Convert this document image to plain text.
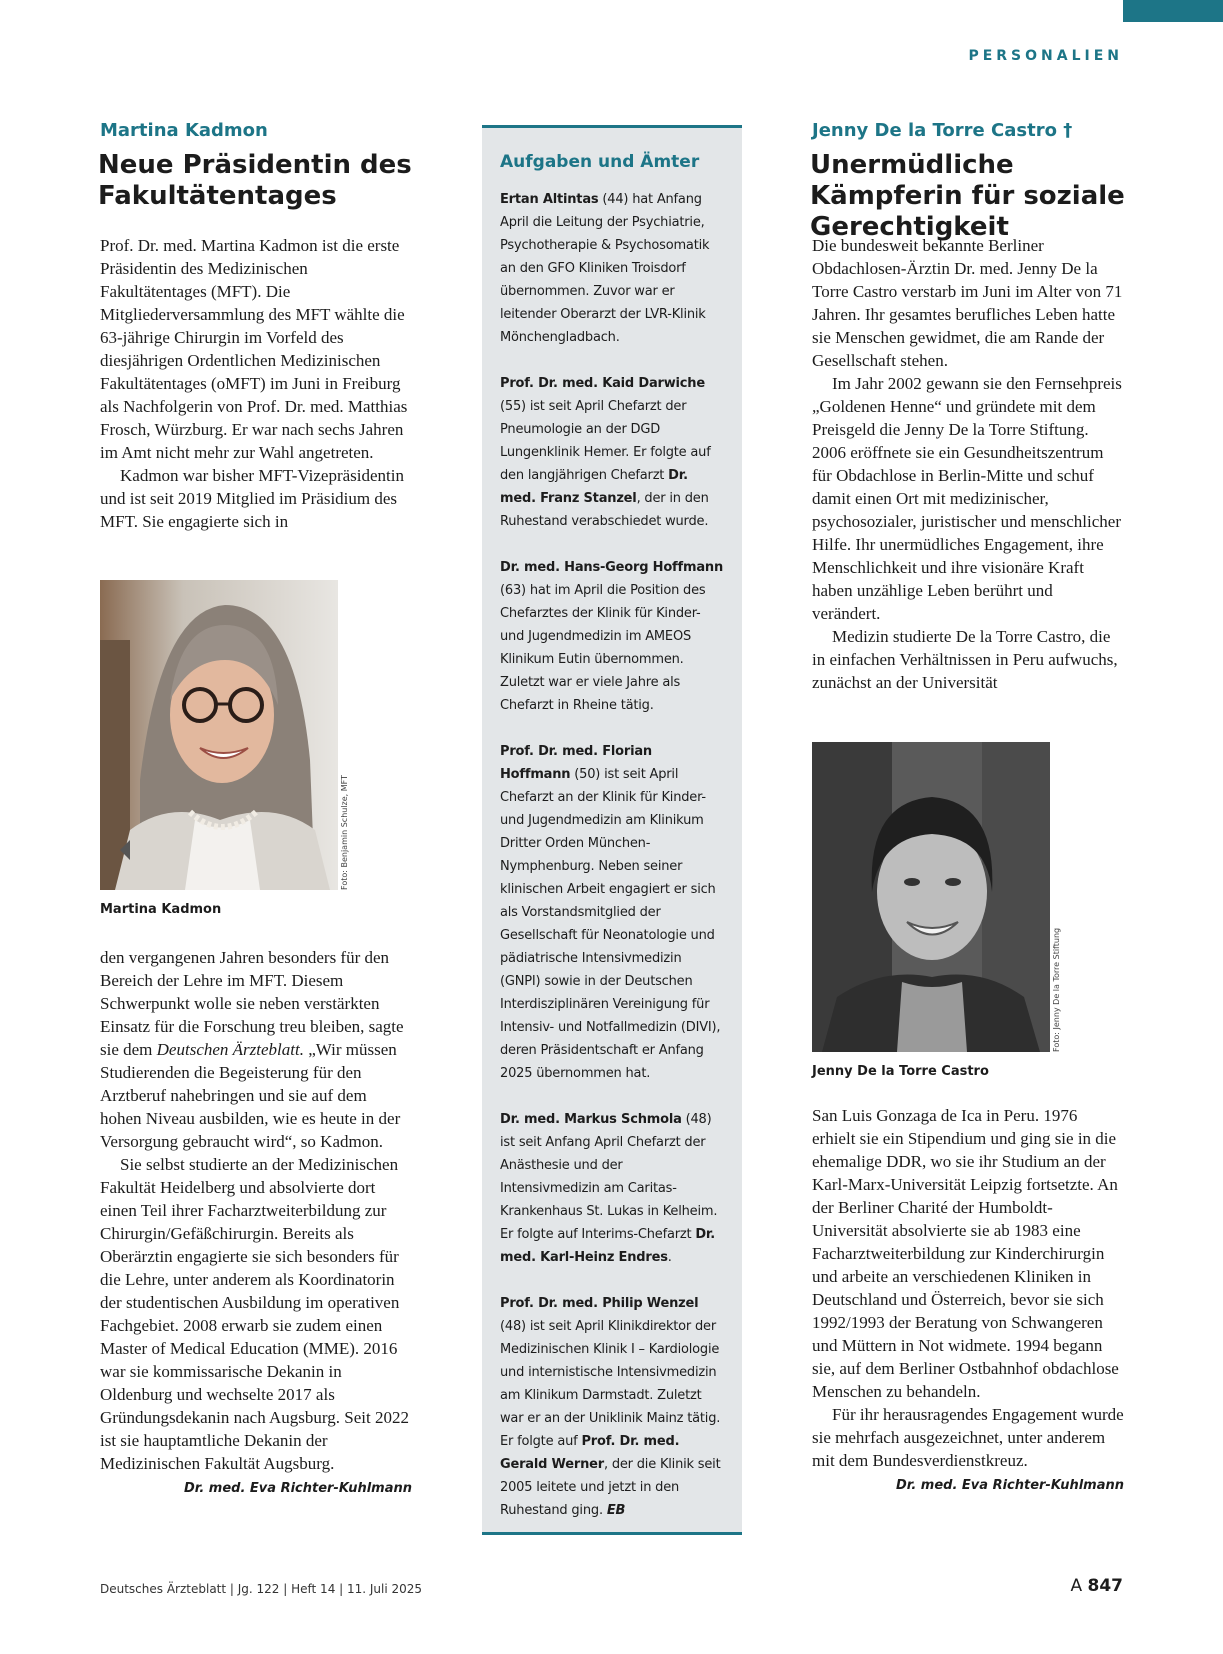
PERSONALIEN
Martina Kadmon
Neue Präsidentin des Fakultätentages

Prof. Dr. med. Martina Kadmon ist die erste Präsidentin des Medizinischen Fakultätentages (MFT). Die Mitgliederversammlung des MFT wählte die 63-jährige Chirurgin im Vorfeld des diesjährigen Ordentlichen Medizinischen Fakultätentages (oMFT) im Juni in Freiburg als Nachfolgerin von Prof. Dr. med. Matthias Frosch, Würzburg. Er war nach sechs Jahren im Amt nicht mehr zur Wahl angetreten.

Kadmon war bisher MFT-Vizepräsidentin und ist seit 2019 Mitglied im Präsidium des MFT. Sie engagierte sich in

Foto: Benjamin Schulze, MFT
Martina Kadmon

den vergangenen Jahren besonders für den Bereich der Lehre im MFT. Diesem Schwerpunkt wolle sie neben verstärkten Einsatz für die Forschung treu bleiben, sagte sie dem Deutschen Ärzteblatt. „Wir müssen Studierenden die Begeisterung für den Arztberuf nahebringen und sie auf dem hohen Niveau ausbilden, wie es heute in der Versorgung gebraucht wird“, so Kadmon.

Sie selbst studierte an der Medizinischen Fakultät Heidelberg und absolvierte dort einen Teil ihrer Facharztweiterbildung zur Chirurgin/Gefäßchirurgin. Bereits als Oberärztin engagierte sie sich besonders für die Lehre, unter anderem als Koordinatorin der studentischen Ausbildung im operativen Fachgebiet. 2008 erwarb sie zudem einen Master of Medical Education (MME). 2016 war sie kommissarische Dekanin in Oldenburg und wechselte 2017 als Gründungsdekanin nach Augsburg. Seit 2022 ist sie hauptamtliche Dekanin der Medizinischen Fakultät Augsburg.
Dr. med. Eva Richter-Kuhlmann

Aufgaben und Ämter

Ertan Altintas (44) hat Anfang April die Leitung der Psychiatrie, Psychotherapie & Psychosomatik an den GFO Kliniken Troisdorf übernommen. Zuvor war er leitender Oberarzt der LVR-Klinik Mönchengladbach.

Prof. Dr. med. Kaid Darwiche (55) ist seit April Chefarzt der Pneumologie an der DGD Lungenklinik Hemer. Er folgte auf den langjährigen Chefarzt Dr. med. Franz Stanzel, der in den Ruhestand verabschiedet wurde.

Dr. med. Hans-Georg Hoffmann (63) hat im April die Position des Chefarztes der Klinik für Kinder- und Jugendmedizin im AMEOS Klinikum Eutin übernommen. Zuletzt war er viele Jahre als Chefarzt in Rheine tätig.

Prof. Dr. med. Florian Hoffmann (50) ist seit April Chefarzt an der Klinik für Kinder- und Jugendmedizin am Klinikum Dritter Orden München-Nymphenburg. Neben seiner klinischen Arbeit engagiert er sich als Vorstandsmitglied der Gesellschaft für Neonatologie und pädiatrische Intensivmedizin (GNPI) sowie in der Deutschen Interdisziplinären Vereinigung für Intensiv- und Notfallmedizin (DIVI), deren Präsidentschaft er Anfang 2025 übernommen hat.

Dr. med. Markus Schmola (48) ist seit Anfang April Chefarzt der Anästhesie und der Intensivmedizin am Caritas-Krankenhaus St. Lukas in Kelheim. Er folgte auf Interims-Chefarzt Dr. med. Karl-Heinz Endres.

Prof. Dr. med. Philip Wenzel (48) ist seit April Klinikdirektor der Medizinischen Klinik I – Kardiologie und internistische Intensivmedizin am Klinikum Darmstadt. Zuletzt war er an der Uniklinik Mainz tätig. Er folgte auf Prof. Dr. med. Gerald Werner, der die Klinik seit 2005 leitete und jetzt in den Ruhestand ging. EB

Jenny De la Torre Castro †
Unermüdliche Kämpferin für soziale Gerechtigkeit

Die bundesweit bekannte Berliner Obdachlosen-Ärztin Dr. med. Jenny De la Torre Castro verstarb im Juni im Alter von 71 Jahren. Ihr gesamtes berufliches Leben hatte sie Menschen gewidmet, die am Rande der Gesellschaft stehen.

Im Jahr 2002 gewann sie den Fernsehpreis „Goldenen Henne“ und gründete mit dem Preisgeld die Jenny De la Torre Stiftung. 2006 eröffnete sie ein Gesundheitszentrum für Obdachlose in Berlin-Mitte und schuf damit einen Ort mit medizinischer, psychosozialer, juristischer und menschlicher Hilfe. Ihr unermüdliches Engagement, ihre Menschlichkeit und ihre visionäre Kraft haben unzählige Leben berührt und verändert.

Medizin studierte De la Torre Castro, die in einfachen Verhältnissen in Peru aufwuchs, zunächst an der Universität

Foto: Jenny De la Torre Stiftung
Jenny De la Torre Castro

San Luis Gonzaga de Ica in Peru. 1976 erhielt sie ein Stipendium und ging sie in die ehemalige DDR, wo sie ihr Studium an der Karl-Marx-Universität Leipzig fortsetzte. An der Berliner Charité der Humboldt-Universität absolvierte sie ab 1983 eine Facharztweiterbildung zur Kinderchirurgin und arbeite an verschiedenen Kliniken in Deutschland und Österreich, bevor sie sich 1992/1993 der Beratung von Schwangeren und Müttern in Not widmete. 1994 begann sie, auf dem Berliner Ostbahnhof obdachlose Menschen zu behandeln.

Für ihr herausragendes Engagement wurde sie mehrfach ausgezeichnet, unter anderem mit dem Bundesverdienstkreuz.
Dr. med. Eva Richter-Kuhlmann

Deutsches Ärzteblatt | Jg. 122 | Heft 14 | 11. Juli 2025	A 847
